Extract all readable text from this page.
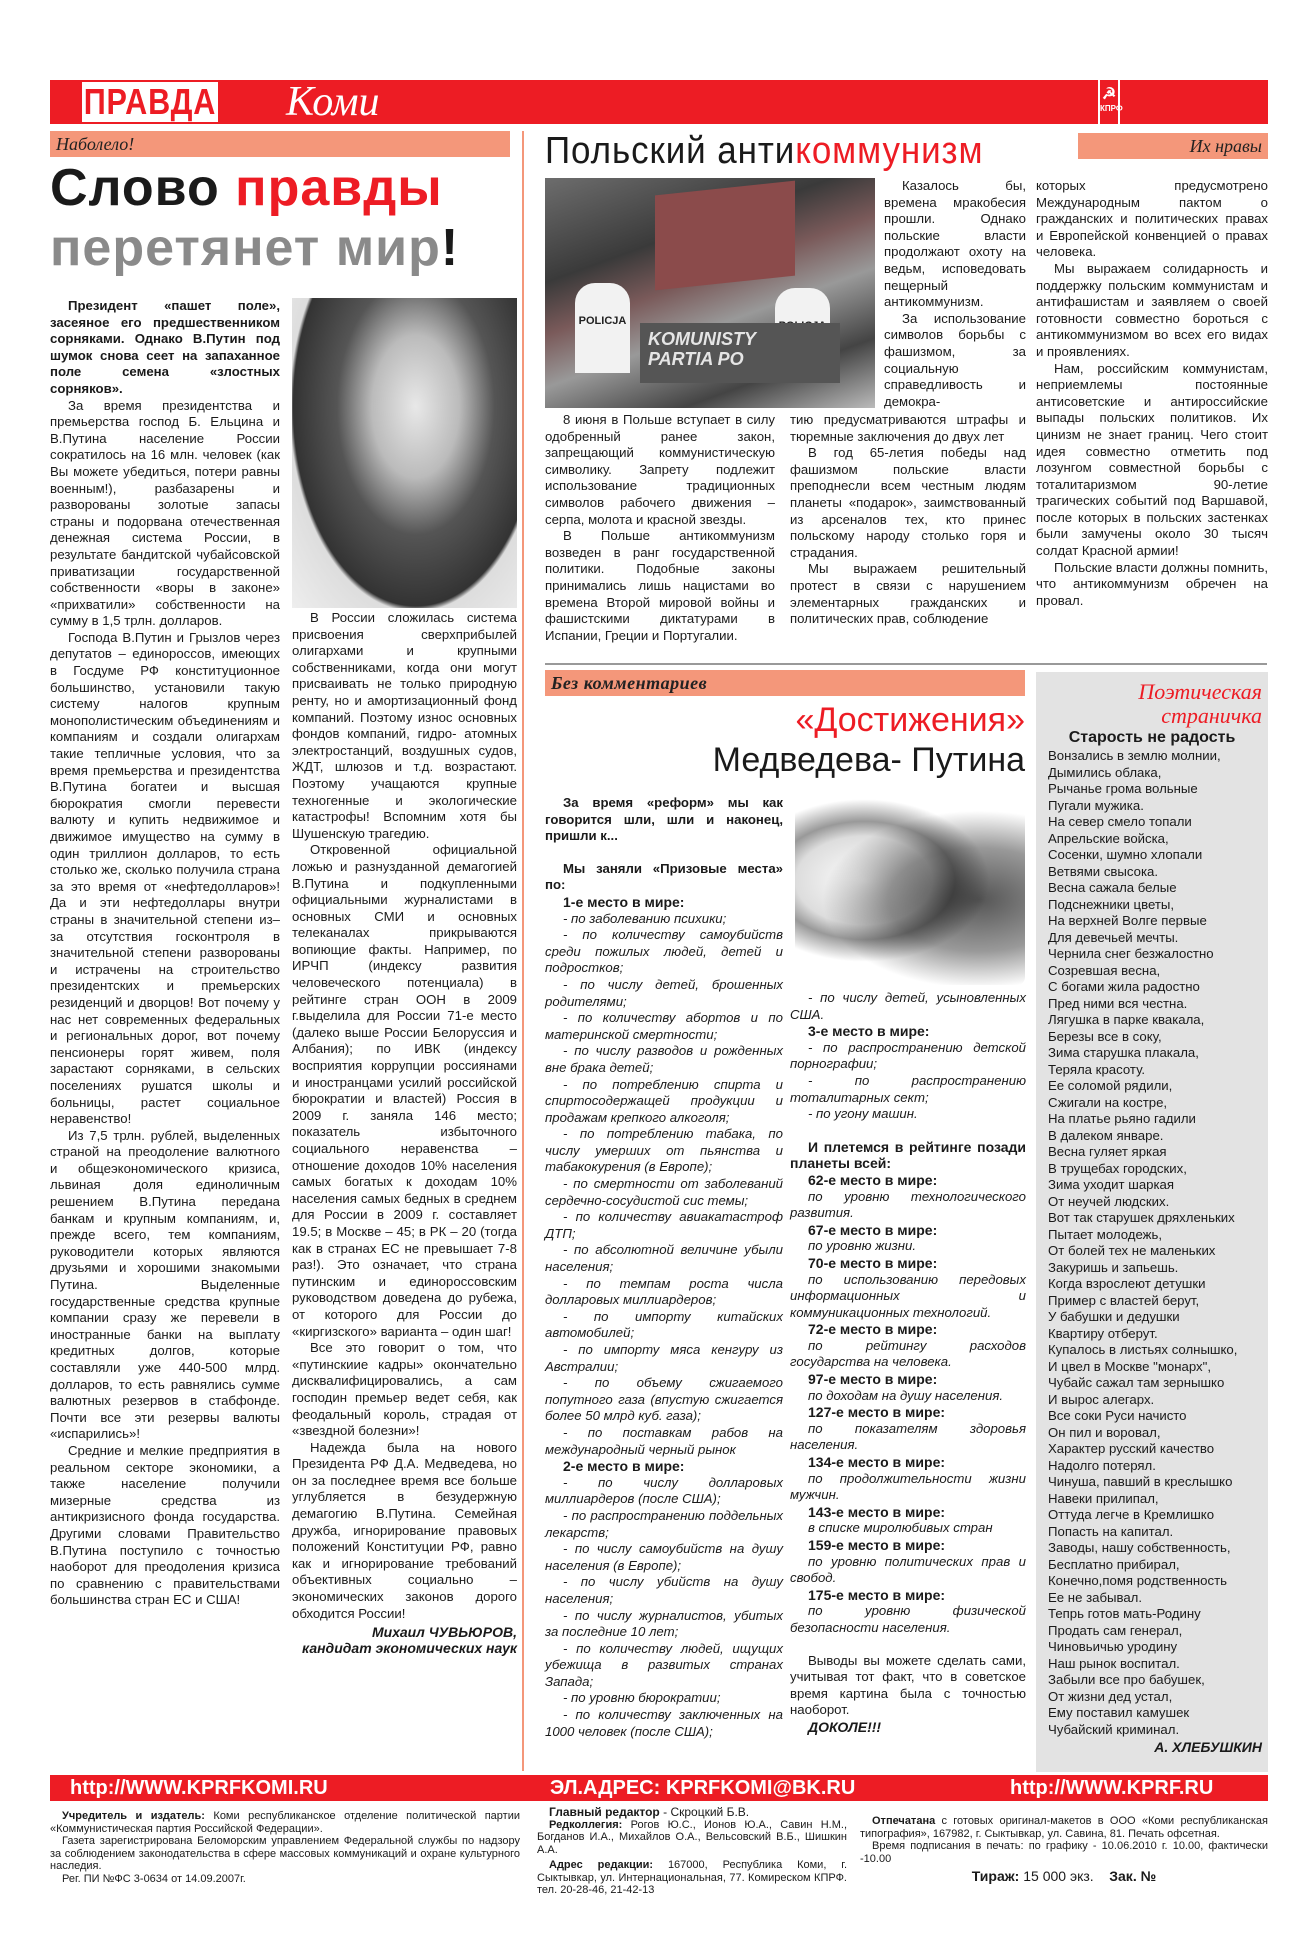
ПРАВДА Коми	☭
КПРФ
Наболело!
Слово правды
перетянет мир!

Президент «пашет поле», засеяное его предшественником сорняками. Однако В.Путин под шумок снова сеет на запаханное поле семена «злостных сорняков».

За время президентства и премьерства господ Б. Ельцина и В.Путина население России сократилось на 16 млн. человек (как Вы можете убедиться, потери равны военным!), разбазарены и разворованы золотые запасы страны и подорвана отечественная денежная система России, в результате бандитской чубайсовской приватизации государственной собственности «воры в законе» «прихватили» собственности на сумму в 1,5 трлн. долларов.

Господа В.Путин и Грызлов через депутатов – единороссов, имеющих в Госдуме РФ конституционное большинство, установили такую систему налогов крупным монополистическим объединениям и компаниям и создали олигархам такие тепличные условия, что за время премьерства и президентства В.Путина богатеи и высшая бюрократия смогли перевести валюту и купить недвижимое и движимое имущество на сумму в один триллион долларов, то есть столько же, сколько получила страна за это время от «нефтедолларов»! Да и эти нефтедоллары внутри страны в значительной степени из–за отсутствия госконтроля в значительной степени разворованы и истрачены на строительство президентских и премьерских резиденций и дворцов! Вот почему у нас нет современных федеральных и региональных дорог, вот почему пенсионеры горят живем, поля зарастают сорняками, в сельских поселениях рушатся школы и больницы, растет социальное неравенство!

Из 7,5 трлн. рублей, выделенных страной на преодоление валютного и общеэкономического кризиса, львиная доля единоличным решением В.Путина передана банкам и крупным компаниям, и, прежде всего, тем компаниям, руководители которых являются друзьями и хорошими знакомыми Путина. Выделенные государственные средства крупные компании сразу же перевели в иностранные банки на выплату кредитных долгов, которые составляли уже 440-500 млрд. долларов, то есть равнялись сумме валютных резервов в стабфонде. Почти все эти резервы валюты «испарились»!

Средние и мелкие предприятия в реальном секторе экономики, а также население получили мизерные средства из антикризисного фонда государства. Другими словами Правительство В.Путина поступило с точностью наоборот для преодоления кризиса по сравнению с правительствами большинства стран ЕС и США!

В России сложилась система присвоения сверхприбылей олигархами и крупными собственниками, когда они могут присваивать не только природную ренту, но и амортизационный фонд компаний. Поэтому износ основных фондов компаний, гидро- атомных электростанций, воздушных судов, ЖДТ, шлюзов и т.д. возрастают. Поэтому учащаются крупные техногенные и экологические катастрофы! Вспомним хотя бы Шушенскую трагедию.

Откровенной официальной ложью и разнузданной демагогией В.Путина и подкупленными официальными журналистами в основных СМИ и основных телеканалах прикрываются вопиющие факты. Например, по ИРЧП (индексу развития человеческого потенциала) в рейтинге стран ООН в 2009 г.выделила для России 71-е место (далеко выше России Белоруссия и Албания); по ИВК (индексу восприятия коррупции россиянами и иностранцами усилий российской бюрократии и властей) Россия в 2009 г. заняла 146 место; показатель избыточного социального неравенства – отношение доходов 10% населения самых богатых к доходам 10% населения самых бедных в среднем для России в 2009 г. составляет 19.5; в Москве – 45; в РК – 20 (тогда как в странах ЕС не превышает 7-8 раз!). Это означает, что страна путинским и единороссовским руководством доведена до рубежа, от которого для России до «киргизского» варианта – один шаг!

Все это говорит о том, что «путинскиие кадры» окончательно дисквалифицировались, а сам господин премьер ведет себя, как феодальный король, страдая от «звездной болезни»!

Надежда была на нового Президента РФ Д.А. Медведева, но он за последнее время все больше углубляется в безудержную демагогию В.Путина. Семейная дружба, игнорирование правовых положений Конституции РФ, равно как и игнорирование требований объективных социально – экономических законов дорого обходится России!

Михаил ЧУВЬЮРОВ,
кандидат экономических наук
Польский антикоммунизм	Их нравы
POLICJA
KOMUNISTY
PARTIA PO

Казалось бы, времена мракобесия прошли. Однако польские власти продолжают охоту на ведьм, исповедовать пещерный антикоммунизм.

За использование символов борьбы с фашизмом, за социальную справедливость и демокра-

8 июня в Польше вступает в силу одобренный ранее закон, запрещающий коммунистическую символику. Запрету подлежит использование традиционных символов рабочего движения – серпа, молота и красной звезды.

В Польше антикоммунизм возведен в ранг государственной политики. Подобные законы принимались лишь нацистами во времена Второй мировой войны и фашистскими диктатурами в Испании, Греции и Португалии.

тию предусматриваются штрафы и тюремные заключения до двух лет

В год 65-летия победы над фашизмом польские власти преподнесли всем честным людям планеты «подарок», заимствованный из арсеналов тех, кто принес польскому народу столько горя и страдания.

Мы выражаем решительный протест в связи с нарушением элементарных гражданских и политических прав, соблюдение

которых предусмотрено Международным пактом о гражданских и политических правах и Европейской конвенцией о правах человека.

Мы выражаем солидарность и поддержку польским коммунистам и антифашистам и заявляем о своей готовности совместно бороться с антикоммунизмом во всех его видах и проявлениях.

Нам, российским коммунистам, неприемлемы постоянные антисоветские и антироссийские выпады польских политиков. Их цинизм не знает границ. Чего стоит идея совместно отметить под лозунгом совместной борьбы с тоталитаризмом 90-летие трагических событий под Варшавой, после которых в польских застенках были замучены около 30 тысяч солдат Красной армии!

Польские власти должны помнить, что антикоммунизм обречен на провал.

Без комментариев
«Достижения»
Медведева- Путина

За время «реформ» мы как говорится шли, шли и наконец, пришли к...

Мы заняли «Призовые места» по:

1-е место в мире:

- по заболеванию психики;

- по количеству самоубийств среди пожилых людей, детей и подростков;

- по числу детей, брошенных родителями;

- по количеству абортов и по материнской смертности;

- по числу разводов и рожденных вне брака детей;

- по потреблению спирта и спиртосодержащей продукции и продажам крепкого алкоголя;

- по потреблению табака, по числу умерших от пьянства и табакокурения (в Европе);

- по смертности от заболеваний сердечно-сосудистой сис темы;

- по количеству авиакатастроф ДТП;

- по абсолютной величине убыли населения;

- по темпам роста числа долларовых миллиардеров;

- по импорту китайских автомобилей;

- по импорту мяса кенгуру из Австралии;

- по объему сжигаемого попутного газа (впустую сжигается более 50 млрд куб. газа);

- по поставкам рабов на международный черный рынок

2-е место в мире:

- по числу долларовых миллиардеров (после США);

- по распространению поддельных лекарств;

- по числу самоубийств на душу населения (в Европе);

- по числу убийств на душу населения;

- по числу журналистов, убитых за последние 10 лет;

- по количеству людей, ищущих убежища в развитых странах Запада;

- по уровню бюрократии;

- по количеству заключенных на 1000 человек (после США);

- по числу детей, усыновленных США.

3-е место в мире:

- по распространению детской порнографии;

- по распространению тоталитарных сект;

- по угону машин.

И плетемся в рейтинге позади планеты всей:

62-е место в мире:

по уровню технологического развития.

67-е место в мире:

по уровню жизни.

70-е место в мире:

по использованию передовых информационных и коммуникационных технологий.

72-е место в мире:

по рейтингу расходов государства на человека.

97-е место в мире:

по доходам на душу населения.

127-е место в мире:

по показателям здоровья населения.

134-е место в мире:

по продолжительности жизни мужчин.

143-е место в мире:

в списке миролюбивых стран

159-е место в мире:

по уровню политических прав и свобод.

175-е место в мире:

по уровню физической безопасности населения.

Выводы вы можете сделать сами, учитывая тот факт, что в советское время картина была с точностью наоборот.

ДОКОЛЕ!!!

Поэтическая
страничка
Старость не радость
Вонзались в землю молнии,
Дымились облака,
Рычанье грома вольные
Пугали мужика.
На север смело топали
Апрельские войска,
Сосенки, шумно хлопали
Ветвями свысока.
Весна сажала белые
Подснежники цветы,
На верхней Волге первые
Для девечьей мечты.
Чернила снег безжалостно
Созревшая весна,
С богами жила радостно
Пред ними вся честна.
Лягушка в парке квакала,
Березы все в соку,
Зима старушка плакала,
Теряла красоту.
Ее соломой рядили,
Сжигали на костре,
На платье рьяно гадили
В далеком январе.
Весна гуляет яркая
В трущебах городских,
Зима уходит шаркая
От неучей людских.
Вот так старушек дряхленьких
Пытает молодежь,
От болей тех не маленьких
Закуришь и запьешь.
Когда взрослеют детушки
Пример с властей берут,
У бабушки и дедушки
Квартиру отберут.
Купалось в листьях солнышко,
И цвел в Москве "монарх",
Чубайс сажал там зернышко
И вырос алегарх.
Все соки Руси начисто
Он пил и воровал,
Характер русский качество
Надолго потерял.
Чинуша, павший в креслышко
Навеки прилипал,
Оттуда легче в Кремлишко
Попасть на капитал.
Заводы, нашу собственность,
Бесплатно прибирал,
Конечно,помя родственность
Ее не забывал.
Тепрь готов мать-Родину
Продать сам генерал,
Чиновьичью уродину
Наш рынок воспитал.
Забыли все про бабушек,
От жизни дед устал,
Ему поставил камушек
Чубайский криминал.
А. ХЛЕБУШКИН
http://WWW.KPRFKOMI.RU	ЭЛ.АДРЕС: KPRFKOMI@BK.RU	http://WWW.KPRF.RU

Учредитель и издатель: Коми республиканское отделение политической партии «Коммунистическая партия Российской Федерации».

Газета зарегистрирована Беломорским управлением Федеральной службы по надзору за соблюдением законодательства в сфере массовых коммуникаций и охране культурного наследия.

Рег. ПИ №ФС 3-0634 от 14.09.2007г.

Главный редактор - Скроцкий Б.В.

Редколлегия: Рогов Ю.С., Ионов Ю.А., Савин Н.М., Богданов И.А., Михайлов О.А., Вельсовский В.Б., Шишкин А.А.

Адрес редакции: 167000, Республика Коми, г. Сыктывкар, ул. Интернациональная, 77. Комиреском КПРФ. тел. 20-28-46, 21-42-13

Отпечатана с готовых оригинал-макетов в ООО «Коми республиканская типография», 167982, г. Сыктывкар, ул. Савина, 81. Печать офсетная.

Время подписания в печать: по графику - 10.06.2010 г. 10.00, фактически -10.00

Тираж: 15 000 экз. Зак. №
